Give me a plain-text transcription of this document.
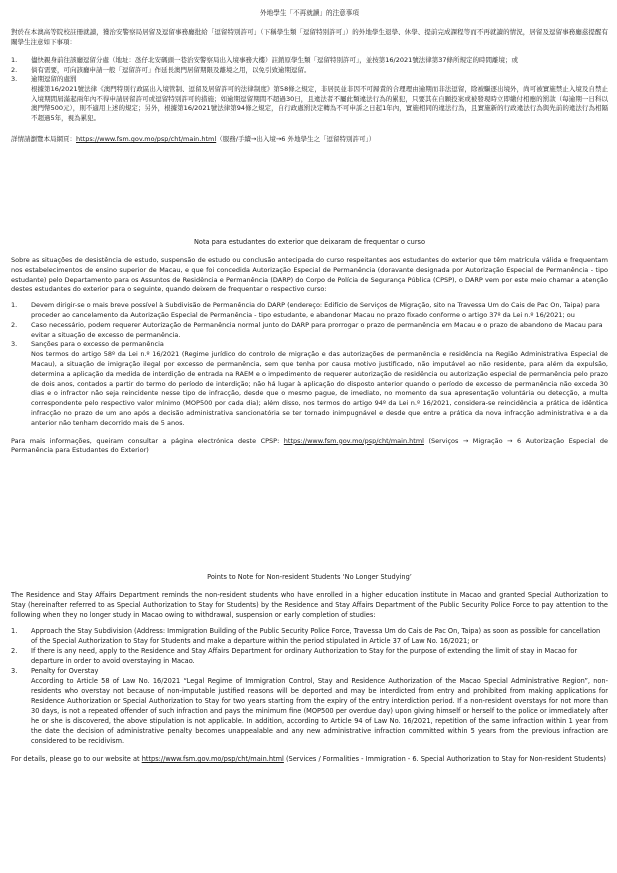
外地學生「不再就讀」的注意事項

對於在本澳高等院校註冊就讀，獲治安警察局居留及逗留事務廳批給「逗留特別許可」（下稱學生類「逗留特別許可」）的外地學生退學、休學、提前完成課程等而不再就讀的情況，居留及逗留事務廳茲提醒有關學生注意如下事項：

1. 儘快親身前往該廳逗留分處（地址：氹仔北安碼頭一巷治安警察局出入境事務大樓）註銷原學生類「逗留特別許可」，並按第16/2021號法律第37條所規定的時間離境；或
2. 倘有需要，可向該廳申請一般「逗留許可」作延長澳門居留期限及離境之用，以免引致逾期逗留。
3. 逾期逗留的處罰
根據第16/2021號法律《澳門特別行政區出入境管制、逗留及居留許可的法律制度》第58條之規定，非居民並非因不可歸責的合理理由逾期而非法逗留，除被驅逐出境外，尚可被實施禁止入境及自禁止入境期間屆滿起兩年內不得申請居留許可或逗留特別許可的措施；如逾期逗留期間不超過30日，且違法者不屬此類違法行為的累犯，只要其在自願投案或被發現時立即繳付相應的罰款（每逾期一日科以澳門幣500元），則不適用上述的規定；另外，根據第16/2021號法律第94條之規定，自行政處罰決定轉為不可申訴之日起1年內，實施相同的違法行為，且實施新的行政違法行為與先前的違法行為相隔不超過5年，視為累犯。

詳情請瀏覽本局網頁：https://www.fsm.gov.mo/psp/cht/main.html（服務/手續→出入境→6 外地學生之「逗留特別許可」）

Nota para estudantes do exterior que deixaram de frequentar o curso

Sobre as situações de desistência de estudo, suspensão de estudo ou conclusão antecipada do curso respeitantes aos estudantes do exterior que têm matrícula válida e frequentam nos estabelecimentos de ensino superior de Macau, e que foi concedida Autorização Especial de Permanência (doravante designada por Autorização Especial de Permanência - tipo estudante) pelo Departamento para os Assuntos de Residência e Permanência (DARP) do Corpo de Polícia de Segurança Pública (CPSP), o DARP vem por este meio chamar a atenção destes estudantes do exterior para o seguinte, quando deixem de frequentar o respectivo curso:

1. Devem dirigir-se o mais breve possível à Subdivisão de Permanência do DARP (endereço: Edifício de Serviços de Migração, sito na Travessa Um do Cais de Pac On, Taipa) para proceder ao cancelamento da Autorização Especial de Permanência - tipo estudante, e abandonar Macau no prazo fixado conforme o artigo 37º da Lei n.º 16/2021; ou
2. Caso necessário, podem requerer Autorização de Permanência normal junto do DARP para prorrogar o prazo de permanência em Macau e o prazo de abandono de Macau para evitar a situação de excesso de permanência.
3. Sanções para o excesso de permanência
Nos termos do artigo 58º da Lei n.º 16/2021 (Regime jurídico do controlo de migração e das autorizações de permanência e residência na Região Administrativa Especial de Macau), a situação de imigração ilegal por excesso de permanência, sem que tenha por causa motivo justificado, não imputável ao não residente, para além da expulsão, determina a aplicação da medida de interdição de entrada na RAEM e o impedimento de requerer autorização de residência ou autorização especial de permanência pelo prazo de dois anos, contados a partir do termo do período de interdição; não há lugar à aplicação do disposto anterior quando o período de excesso de permanência não exceda 30 dias e o infractor não seja reincidente nesse tipo de infracção, desde que o mesmo pague, de imediato, no momento da sua apresentação voluntária ou detecção, a multa correspondente pelo respectivo valor mínimo (MOP500 por cada dia); além disso, nos termos do artigo 94º da Lei n.º 16/2021, considera-se reincidência a prática de idêntica infracção no prazo de um ano após a decisão administrativa sancionatória se ter tornado inimpugnável e desde que entre a prática da nova infracção administrativa e a da anterior não tenham decorrido mais de 5 anos.

Para mais informações, queiram consultar a página electrónica deste CPSP: https://www.fsm.gov.mo/psp/cht/main.html (Serviços → Migração → 6 Autorização Especial de Permanência para Estudantes do Exterior)

Points to Note for Non-resident Students ‘No Longer Studying’

The Residence and Stay Affairs Department reminds the non-resident students who have enrolled in a higher education institute in Macao and granted Special Authorization to Stay (hereinafter referred to as Special Authorization to Stay for Students) by the Residence and Stay Affairs Department of the Public Security Police Force to pay attention to the following when they no longer study in Macao owing to withdrawal, suspension or early completion of studies:

1. Approach the Stay Subdivision (Address: Immigration Building of the Public Security Police Force, Travessa Um do Cais de Pac On, Taipa) as soon as possible for cancellation of the Special Authorization to Stay for Students and make a departure within the period stipulated in Article 37 of Law No. 16/2021; or
2. If there is any need, apply to the Residence and Stay Affairs Department for ordinary Authorization to Stay for the purpose of extending the limit of stay in Macao for departure in order to avoid overstaying in Macao.
3. Penalty for Overstay
According to Article 58 of Law No. 16/2021 “Legal Regime of Immigration Control, Stay and Residence Authorization of the Macao Special Administrative Region”, non-residents who overstay not because of non-imputable justified reasons will be deported and may be interdicted from entry and prohibited from making applications for Residence Authorization or Special Authorization to Stay for two years starting from the expiry of the entry interdiction period. If a non-resident overstays for not more than 30 days, is not a repeated offender of such infraction and pays the minimum fine (MOP500 per overdue day) upon giving himself or herself to the police or immediately after he or she is discovered, the above stipulation is not applicable. In addition, according to Article 94 of Law No. 16/2021, repetition of the same infraction within 1 year from the date the decision of administrative penalty becomes unappealable and any new administrative infraction committed within 5 years from the previous infraction are considered to be recidivism.

For details, please go to our website at https://www.fsm.gov.mo/psp/cht/main.html (Services / Formalities - Immigration - 6. Special Authorization to Stay for Non-resident Students)
